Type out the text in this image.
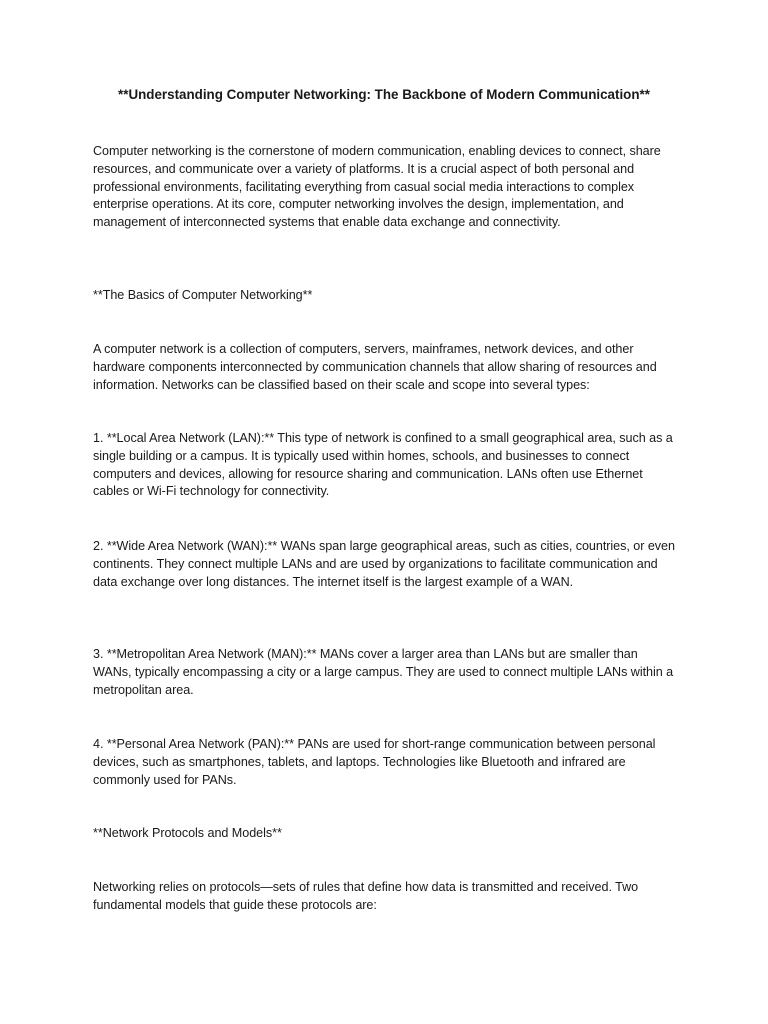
**Understanding Computer Networking: The Backbone of Modern Communication**

Computer networking is the cornerstone of modern communication, enabling devices to connect, share resources, and communicate over a variety of platforms. It is a crucial aspect of both personal and professional environments, facilitating everything from casual social media interactions to complex enterprise operations. At its core, computer networking involves the design, implementation, and management of interconnected systems that enable data exchange and connectivity.

**The Basics of Computer Networking**

A computer network is a collection of computers, servers, mainframes, network devices, and other hardware components interconnected by communication channels that allow sharing of resources and information. Networks can be classified based on their scale and scope into several types:

1. **Local Area Network (LAN):** This type of network is confined to a small geographical area, such as a single building or a campus. It is typically used within homes, schools, and businesses to connect computers and devices, allowing for resource sharing and communication. LANs often use Ethernet cables or Wi-Fi technology for connectivity.

2. **Wide Area Network (WAN):** WANs span large geographical areas, such as cities, countries, or even continents. They connect multiple LANs and are used by organizations to facilitate communication and data exchange over long distances. The internet itself is the largest example of a WAN.

3. **Metropolitan Area Network (MAN):** MANs cover a larger area than LANs but are smaller than WANs, typically encompassing a city or a large campus. They are used to connect multiple LANs within a metropolitan area.

4. **Personal Area Network (PAN):** PANs are used for short-range communication between personal devices, such as smartphones, tablets, and laptops. Technologies like Bluetooth and infrared are commonly used for PANs.

**Network Protocols and Models**

Networking relies on protocols—sets of rules that define how data is transmitted and received. Two fundamental models that guide these protocols are:
